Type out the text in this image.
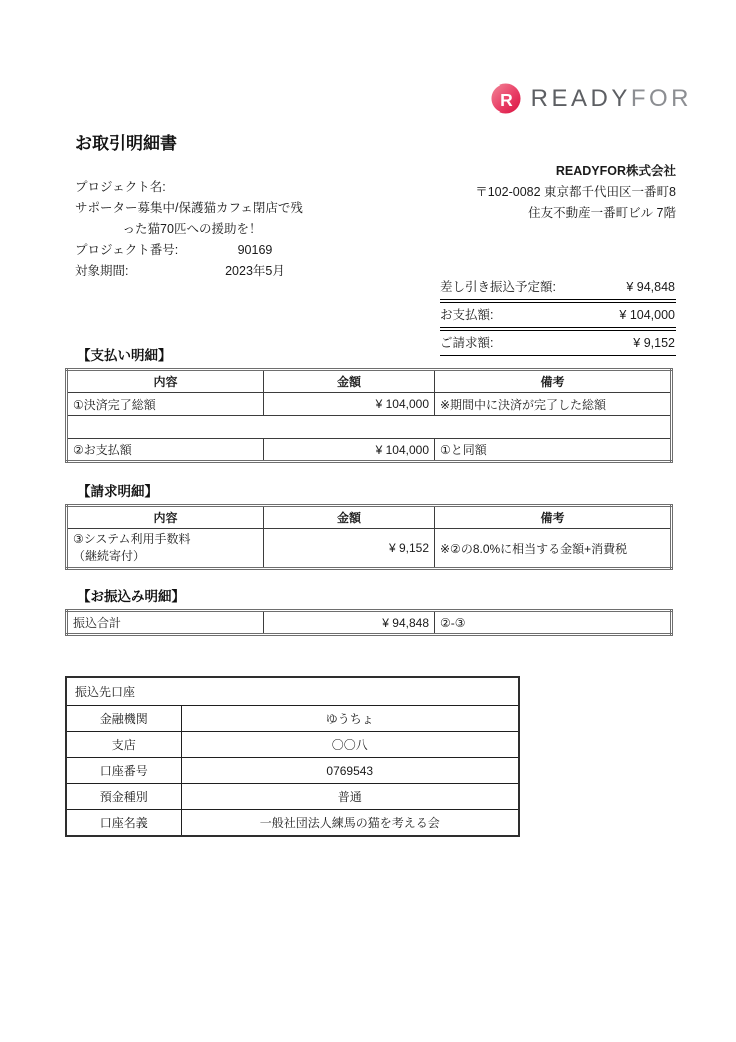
R READYFOR
お取引明細書
プロジェクト名:
サポーター募集中/保護猫カフェ閉店で残
った猫70匹への援助を！
プロジェクト番号:	90169
対象期間:	2023年5月
READYFOR株式会社
〒102-0082 東京都千代田区一番町8
住友不動産一番町ビル 7階
差し引き振込予定額:	¥ 94,848
お支払額:	¥ 104,000
ご請求額:	¥ 9,152
【支払い明細】
内容	金額	備考
①決済完了総額	¥ 104,000	※期間中に決済が完了した総額

②お支払額	¥ 104,000	①と同額
【請求明細】
内容	金額	備考

③システム利用手数料
（継続寄付）	¥ 9,152	※②の8.0%に相当する金額+消費税
【お振込み明細】
振込合計	¥ 94,848	②-③
振込先口座	
金融機関	ゆうちょ
支店	〇〇八
口座番号	0769543
預金種別	普通
口座名義	一般社団法人練馬の猫を考える会
